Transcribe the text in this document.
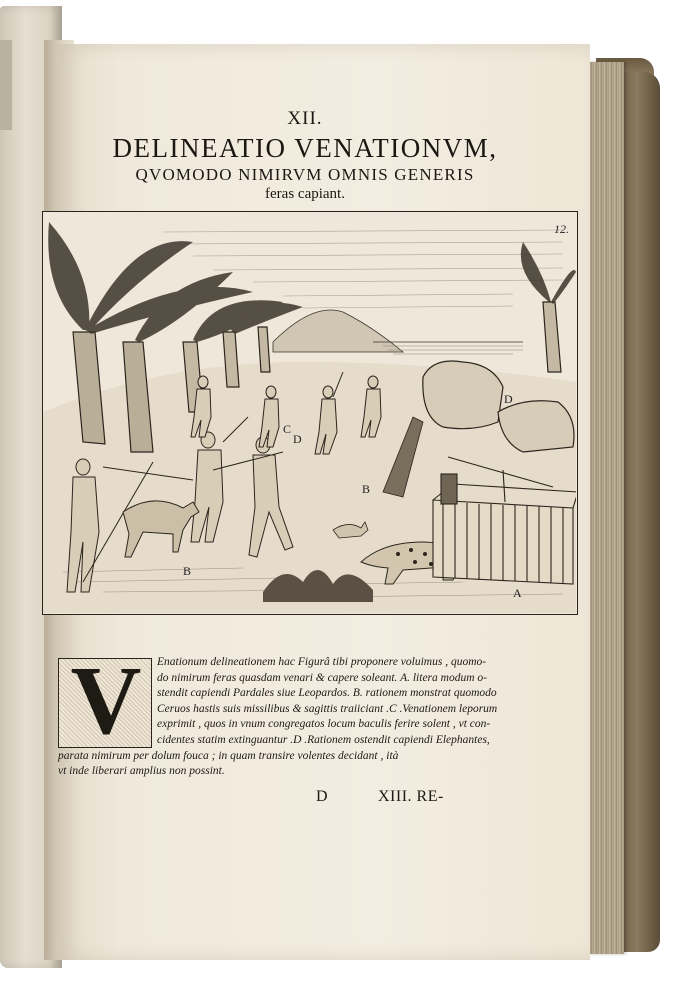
XII.
DELINEATIO VENATIONVM,
QVOMODO NIMIRVM OMNIS GENERIS
feras capiant.
12.
A
B
B
C
D
D
V	Enationum delineationem hac Figurâ tibi proponere voluimus , quomo-
do nimirum feras quasdam venari & capere soleant. A. litera modum o-
stendit capiendi Pardales siue Leopardos. B. rationem monstrat quomodo
Ceruos hastis suis missilibus & sagittis traiiciant .C .Venationem leporum
exprimit , quos in vnum congregatos locum baculis ferire solent , vt con-
cidentes statim extinguantur .D .Rationem ostendit capiendi Elephantes,
parata nimirum per dolum fouca ; in quam transire volentes decidant , ità
vt inde liberari amplius non possint.
D	XIII. RE-
